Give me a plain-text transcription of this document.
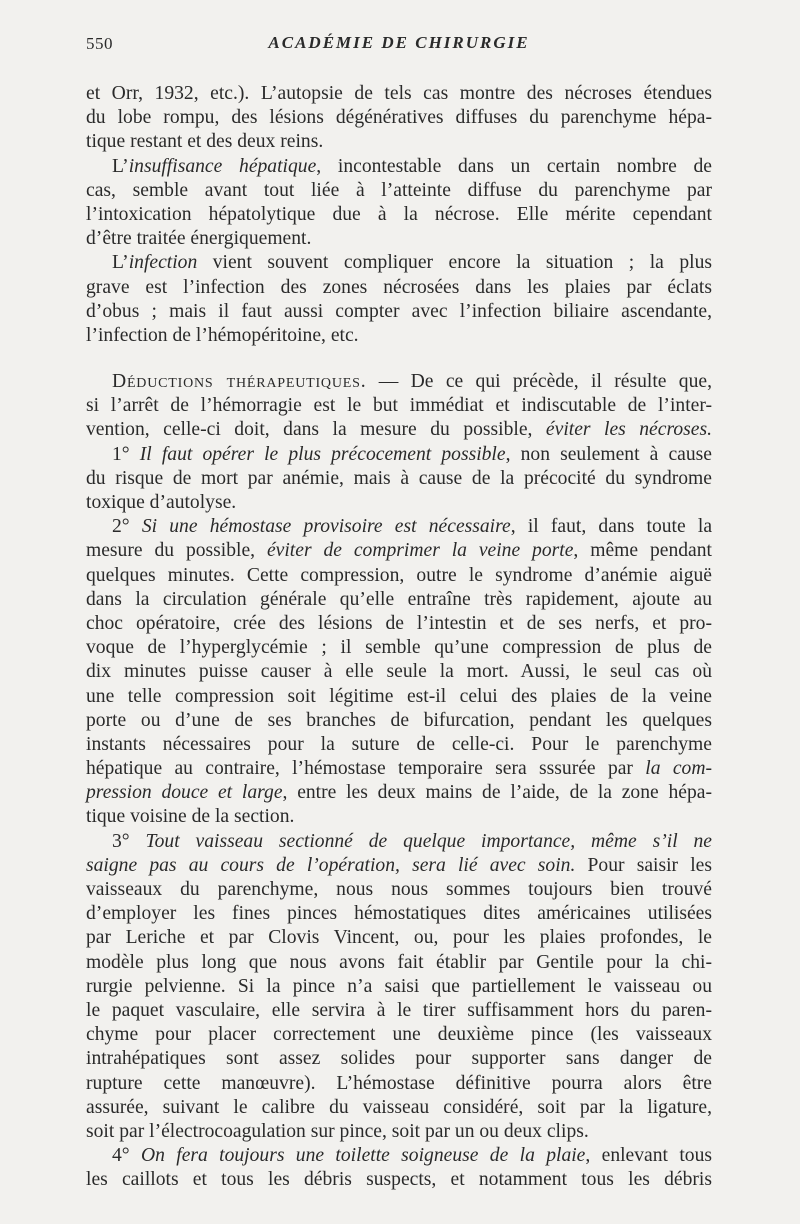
550	ACADÉMIE DE CHIRURGIE
et Orr, 1932, etc.). L’autopsie de tels cas montre des nécroses étendues
du lobe rompu, des lésions dégénératives diffuses du parenchyme hépa-
tique restant et des deux reins.
L’insuffisance hépatique, incontestable dans un certain nombre de
cas, semble avant tout liée à l’atteinte diffuse du parenchyme par
l’intoxication hépatolytique due à la nécrose. Elle mérite cependant
d’être traitée énergiquement.
L’infection vient souvent compliquer encore la situation ; la plus
grave est l’infection des zones nécrosées dans les plaies par éclats
d’obus ; mais il faut aussi compter avec l’infection biliaire ascendante,
l’infection de l’hémopéritoine, etc.
Déductions thérapeutiques. — De ce qui précède, il résulte que,
si l’arrêt de l’hémorragie est le but immédiat et indiscutable de l’inter-
vention, celle-ci doit, dans la mesure du possible, éviter les nécroses.
1° Il faut opérer le plus précocement possible, non seulement à cause
du risque de mort par anémie, mais à cause de la précocité du syndrome
toxique d’autolyse.
2° Si une hémostase provisoire est nécessaire, il faut, dans toute la
mesure du possible, éviter de comprimer la veine porte, même pendant
quelques minutes. Cette compression, outre le syndrome d’anémie aiguë
dans la circulation générale qu’elle entraîne très rapidement, ajoute au
choc opératoire, crée des lésions de l’intestin et de ses nerfs, et pro-
voque de l’hyperglycémie ; il semble qu’une compression de plus de
dix minutes puisse causer à elle seule la mort. Aussi, le seul cas où
une telle compression soit légitime est-il celui des plaies de la veine
porte ou d’une de ses branches de bifurcation, pendant les quelques
instants nécessaires pour la suture de celle-ci. Pour le parenchyme
hépatique au contraire, l’hémostase temporaire sera sssurée par la com-
pression douce et large, entre les deux mains de l’aide, de la zone hépa-
tique voisine de la section.
3° Tout vaisseau sectionné de quelque importance, même s’il ne
saigne pas au cours de l’opération, sera lié avec soin. Pour saisir les
vaisseaux du parenchyme, nous nous sommes toujours bien trouvé
d’employer les fines pinces hémostatiques dites américaines utilisées
par Leriche et par Clovis Vincent, ou, pour les plaies profondes, le
modèle plus long que nous avons fait établir par Gentile pour la chi-
rurgie pelvienne. Si la pince n’a saisi que partiellement le vaisseau ou
le paquet vasculaire, elle servira à le tirer suffisamment hors du paren-
chyme pour placer correctement une deuxième pince (les vaisseaux
intrahépatiques sont assez solides pour supporter sans danger de
rupture cette manœuvre). L’hémostase définitive pourra alors être
assurée, suivant le calibre du vaisseau considéré, soit par la ligature,
soit par l’électrocoagulation sur pince, soit par un ou deux clips.
4° On fera toujours une toilette soigneuse de la plaie, enlevant tous
les caillots et tous les débris suspects, et notamment tous les débris
